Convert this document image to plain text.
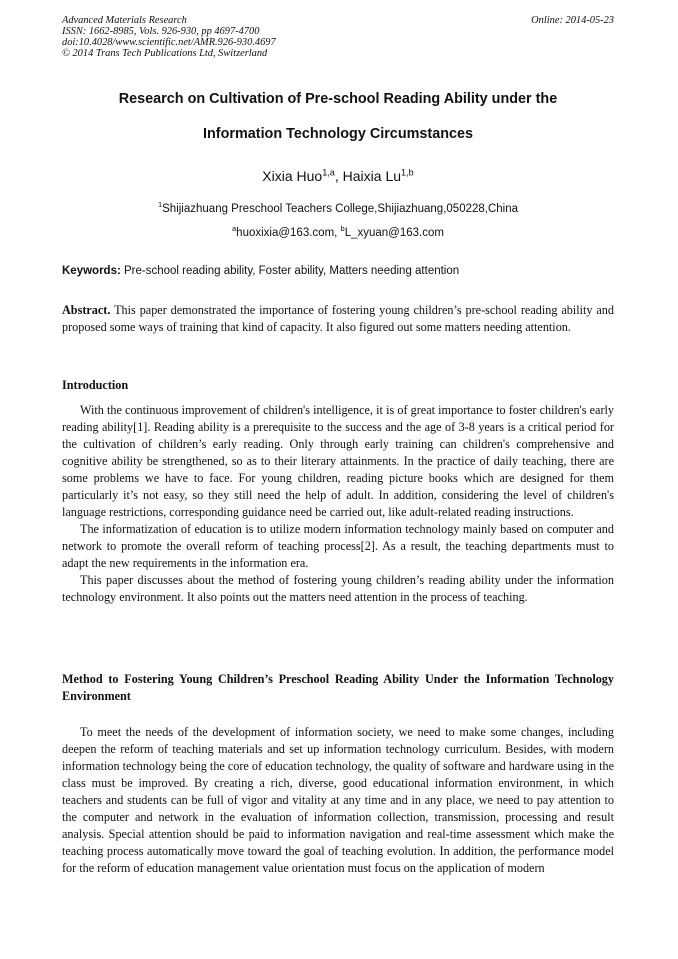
Advanced Materials Research
ISSN: 1662-8985, Vols. 926-930, pp 4697-4700
doi:10.4028/www.scientific.net/AMR.926-930.4697
© 2014 Trans Tech Publications Ltd, Switzerland
Online: 2014-05-23
Research on Cultivation of Pre-school Reading Ability under the
Information Technology Circumstances
Xixia Huo$^{1,a}$, Haixia Lu$^{1,b}$
$^1$Shijiazhuang Preschool Teachers College,Shijiazhuang,050228,China
$^a$huoxixia@163.com, $^b$L_xyuan@163.com
Keywords: Pre-school reading ability, Foster ability, Matters needing attention
Abstract. This paper demonstrated the importance of fostering young children’s pre-school reading ability and proposed some ways of training that kind of capacity. It also figured out some matters needing attention.
Introduction

With the continuous improvement of children's intelligence, it is of great importance to foster children's early reading ability[1]. Reading ability is a prerequisite to the success and the age of 3-8 years is a critical period for the cultivation of children’s early reading. Only through early training can children's comprehensive and cognitive ability be strengthened, so as to their literary attainments. In the practice of daily teaching, there are some problems we have to face. For young children, reading picture books which are designed for them particularly it’s not easy, so they still need the help of adult. In addition, considering the level of children's language restrictions, corresponding guidance need be carried out, like adult-related reading instructions.

The informatization of education is to utilize modern information technology mainly based on computer and network to promote the overall reform of teaching process[2]. As a result, the teaching departments must to adapt the new requirements in the information era.

This paper discusses about the method of fostering young children’s reading ability under the information technology environment. It also points out the matters need attention in the process of teaching.

Method to Fostering Young Children’s Preschool Reading Ability Under the Information Technology Environment

To meet the needs of the development of information society, we need to make some changes, including deepen the reform of teaching materials and set up information technology curriculum. Besides, with modern information technology being the core of education technology, the quality of software and hardware using in the class must be improved. By creating a rich, diverse, good educational information environment, in which teachers and students can be full of vigor and vitality at any time and in any place, we need to pay attention to the computer and network in the evaluation of information collection, transmission, processing and result analysis. Special attention should be paid to information navigation and real-time assessment which make the teaching process automatically move toward the goal of teaching evolution. In addition, the performance model for the reform of education management value orientation must focus on the application of modern
